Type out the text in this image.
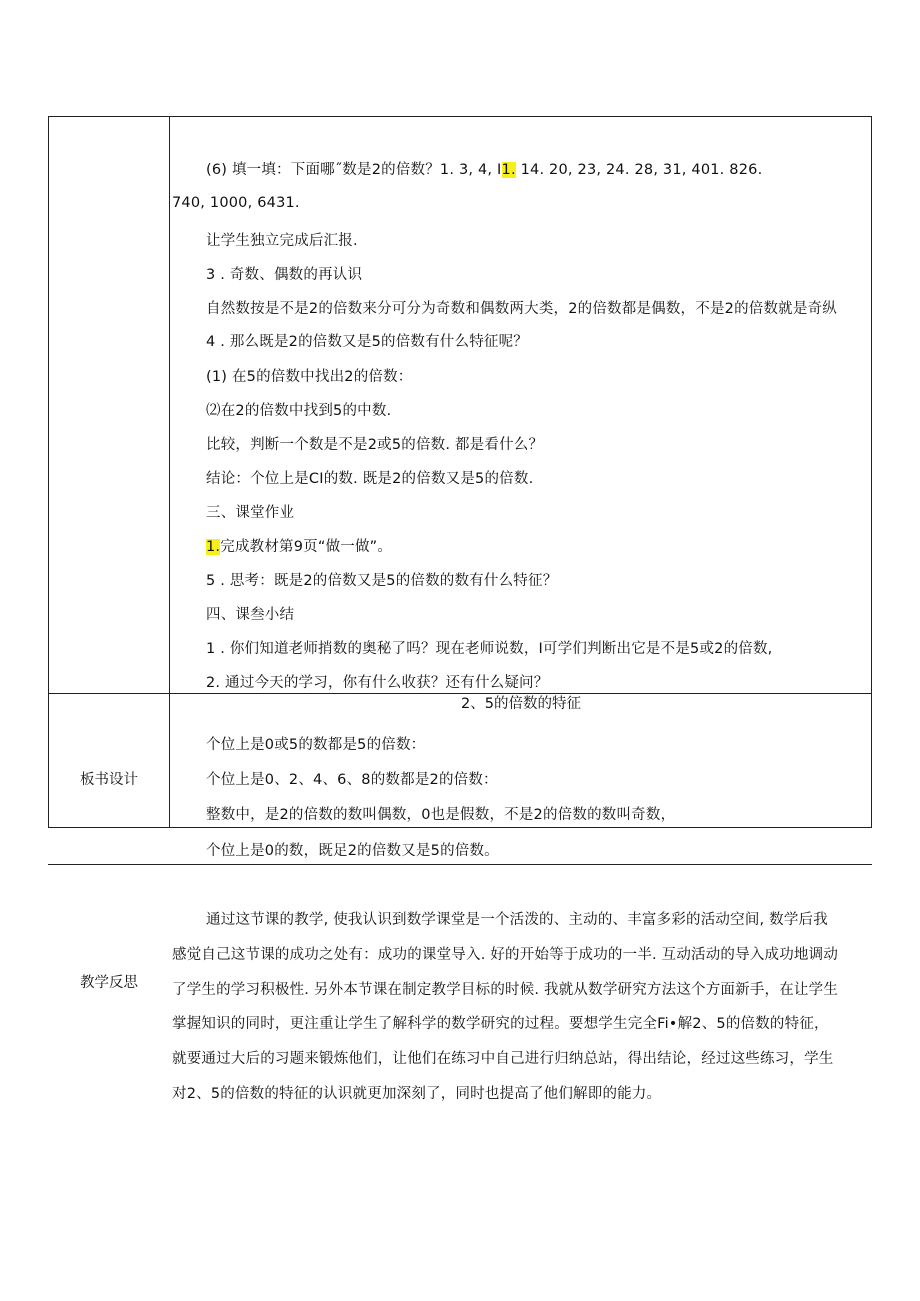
(6) 填一填：下面哪˝数是2的倍数？1. 3, 4, I1. 14. 20, 23, 24. 28, 31, 401. 826.
740, 1000, 6431.
让学生独立完成后汇报.
3 . 奇数、偶数的再认识
自然数按是不是2的倍数来分可分为奇数和偶数两大类，2的倍数都是偶数，不是2的倍数就是奇纵
4 . 那么既是2的倍数又是5的倍数有什么特征呢？
(1) 在5的倍数中找出2的倍数：
⑵在2的倍数中找到5的中数.
比较，判断一个数是不是2或5的倍数. 都是看什么？
结论：个位上是CI的数. 既是2的倍数又是5的倍数.
三、课堂作业
1.完成教材第9页“做一做”。
5 . 思考：既是2的倍数又是5的倍数的数有什么特征？
四、课叁小结
1 . 你们知道老师捎数的奥秘了吗？现在老师说数，I可学们判断出它是不是5或2的倍数,
2. 通过今天的学习，你有什么收获？还有什么疑问？
板书设计
2、5的倍数的特征
个位上是0或5的数都是5的倍数：
个位上是0、2、4、6、8的数都是2的倍数：
整数中，是2的倍数的数叫偶数，0也是假数，不是2的倍数的数叫奇数，
个位上是0的数，既足2的倍数又是5的倍数。
教学反思
通过这节课的教学, 使我认识到数学课堂是一个活泼的、主动的、丰富多彩的活动空间, 数学后我
感觉自己这节课的成功之处有：成功的课堂导入. 好的开始等于成功的一半. 互动活动的导入成功地调动
了学生的学习积极性. 另外本节课在制定教学目标的时候. 我就从数学研究方法这个方面新手，在让学生
掌握知识的同时，更注重让学生了解科学的数学研究的过程。要想学生完全Fi•解2、5的倍数的特征，
就要通过大后的习题来锻炼他们，让他们在练习中自己进行归纳总站，得出结论，经过这些练习，学生
对2、5的倍数的特征的认识就更加深刻了，同时也提高了他们解即的能力。
